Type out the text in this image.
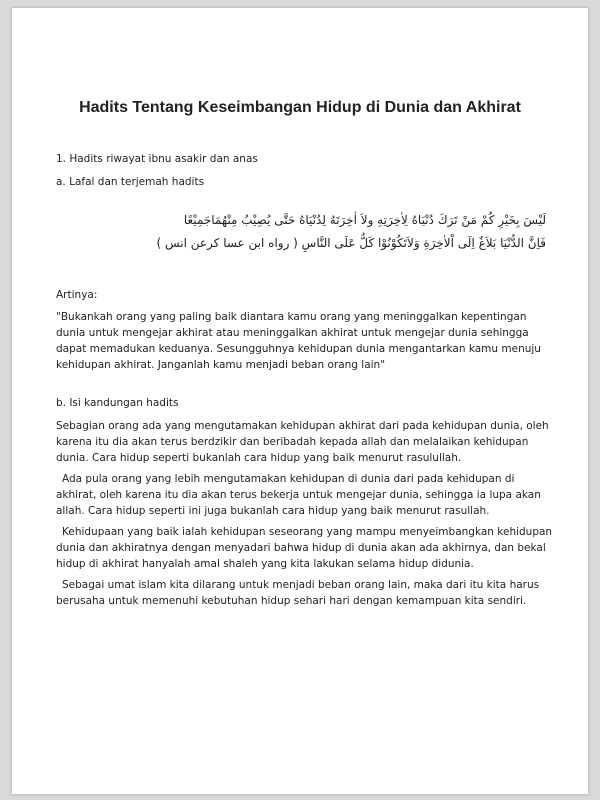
Hadits Tentang Keseimbangan Hidup di Dunia dan Akhirat

1. Hadits riwayat ibnu asakir dan anas

a. Lafal dan terjemah hadits

لَيْسَ بِخَيْرِ كُمْ مَنْ تَرَكَ دُنْيَاهُ لِاٰخِرَتِهِ ولاَ اٰخِرَتَهُ لِدُنْيَاهُ حَتَّى يُصِيْبُ مِنْهُمَاجَمِيْعًا

فَاِنَّ الدُّنْيَا بَلاَغٌ اِلَى اْلاٰخِرَةِ وَلاَتَكُوْنُوْا كَلٌّ عَلَى النَّاسِ ( رواه ابن عسا كرعن انس )

Artinya:

"Bukankah orang yang paling baik diantara kamu orang yang meninggalkan kepentingan dunia untuk mengejar akhirat atau meninggalkan akhirat untuk mengejar dunia sehingga dapat memadukan keduanya. Sesungguhnya kehidupan dunia mengantarkan kamu menuju kehidupan akhirat. Janganlah kamu menjadi beban orang lain"

b. Isi kandungan hadits

Sebagian orang ada yang mengutamakan kehidupan akhirat dari pada kehidupan dunia, oleh karena itu dia akan terus berdzikir dan beribadah kepada allah dan melalaikan kehidupan dunia. Cara hidup seperti bukanlah cara hidup yang baik menurut rasulullah.

Ada pula orang yang lebih mengutamakan kehidupan di dunia dari pada kehidupan di akhirat, oleh karena itu dia akan terus bekerja untuk mengejar dunia, sehingga ia lupa akan allah. Cara hidup seperti ini juga bukanlah cara hidup yang baik menurut rasullah.

Kehidupaan yang baik ialah kehidupan seseorang yang mampu menyeimbangkan kehidupan dunia dan akhiratnya dengan menyadari bahwa hidup di dunia akan ada akhirnya, dan bekal hidup di akhirat hanyalah amal shaleh yang kita lakukan selama hidup didunia.

Sebagai umat islam kita dilarang untuk menjadi beban orang lain, maka dari itu kita harus berusaha untuk memenuhi kebutuhan hidup sehari hari dengan kemampuan kita sendiri.
